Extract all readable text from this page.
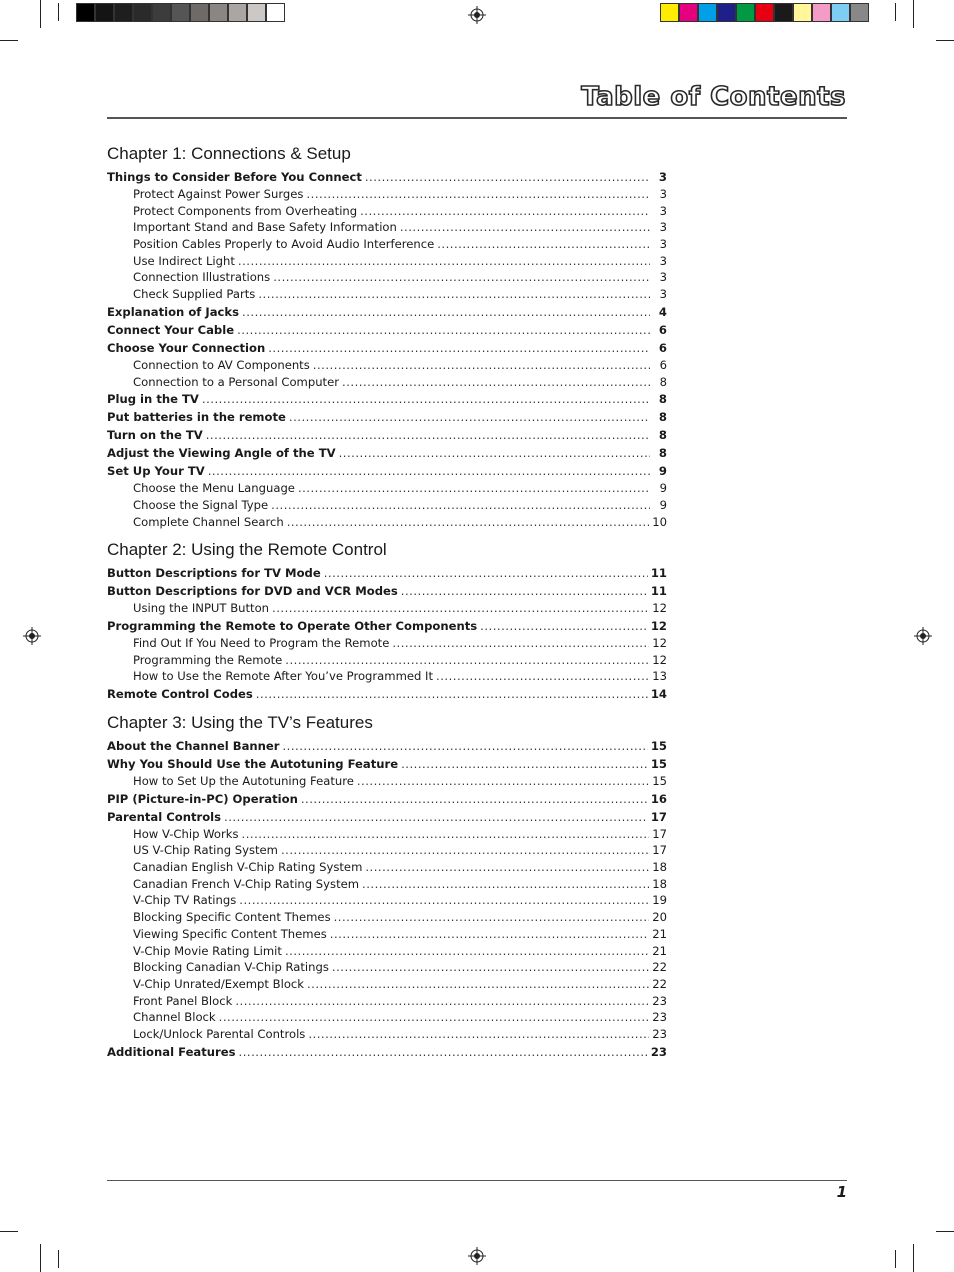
Table of Contents
Chapter 1: Connections & Setup
Things to Consider Before You Connect .....	3
Protect Against Power Surges .....	3
Protect Components from Overheating .....	3
Important Stand and Base Safety Information .....	3
Position Cables Properly to Avoid Audio Interference .....	3
Use Indirect Light .....	3
Connection Illustrations .....	3
Check Supplied Parts .....	3
Explanation of Jacks .....	4
Connect Your Cable .....	6
Choose Your Connection .....	6
Connection to AV Components .....	6
Connection to a Personal Computer .....	8
Plug in the TV .....	8
Put batteries in the remote .....	8
Turn on the TV .....	8
Adjust the Viewing Angle of the TV .....	8
Set Up Your TV .....	9
Choose the Menu Language .....	9
Choose the Signal Type .....	9
Complete Channel Search .....	10
Chapter 2: Using the Remote Control
Button Descriptions for TV Mode .....	11
Button Descriptions for DVD and VCR Modes .....	11
Using the INPUT Button .....	12
Programming the Remote to Operate Other Components .....	12
Find Out If You Need to Program the Remote .....	12
Programming the Remote .....	12
How to Use the Remote After You’ve Programmed It .....	13
Remote Control Codes .....	14
Chapter 3: Using the TV’s Features
About the Channel Banner .....	15
Why You Should Use the Autotuning Feature .....	15
How to Set Up the Autotuning Feature .....	15
PIP (Picture-in-PC) Operation .....	16
Parental Controls .....	17
How V-Chip Works .....	17
US V-Chip Rating System .....	17
Canadian English V-Chip Rating System .....	18
Canadian French V-Chip Rating System .....	18
V-Chip TV Ratings .....	19
Blocking Specific Content Themes .....	20
Viewing Specific Content Themes .....	21
V-Chip Movie Rating Limit .....	21
Blocking Canadian V-Chip Ratings .....	22
V-Chip Unrated/Exempt Block .....	22
Front Panel Block .....	23
Channel Block .....	23
Lock/Unlock Parental Controls .....	23
Additional Features .....	23
1
